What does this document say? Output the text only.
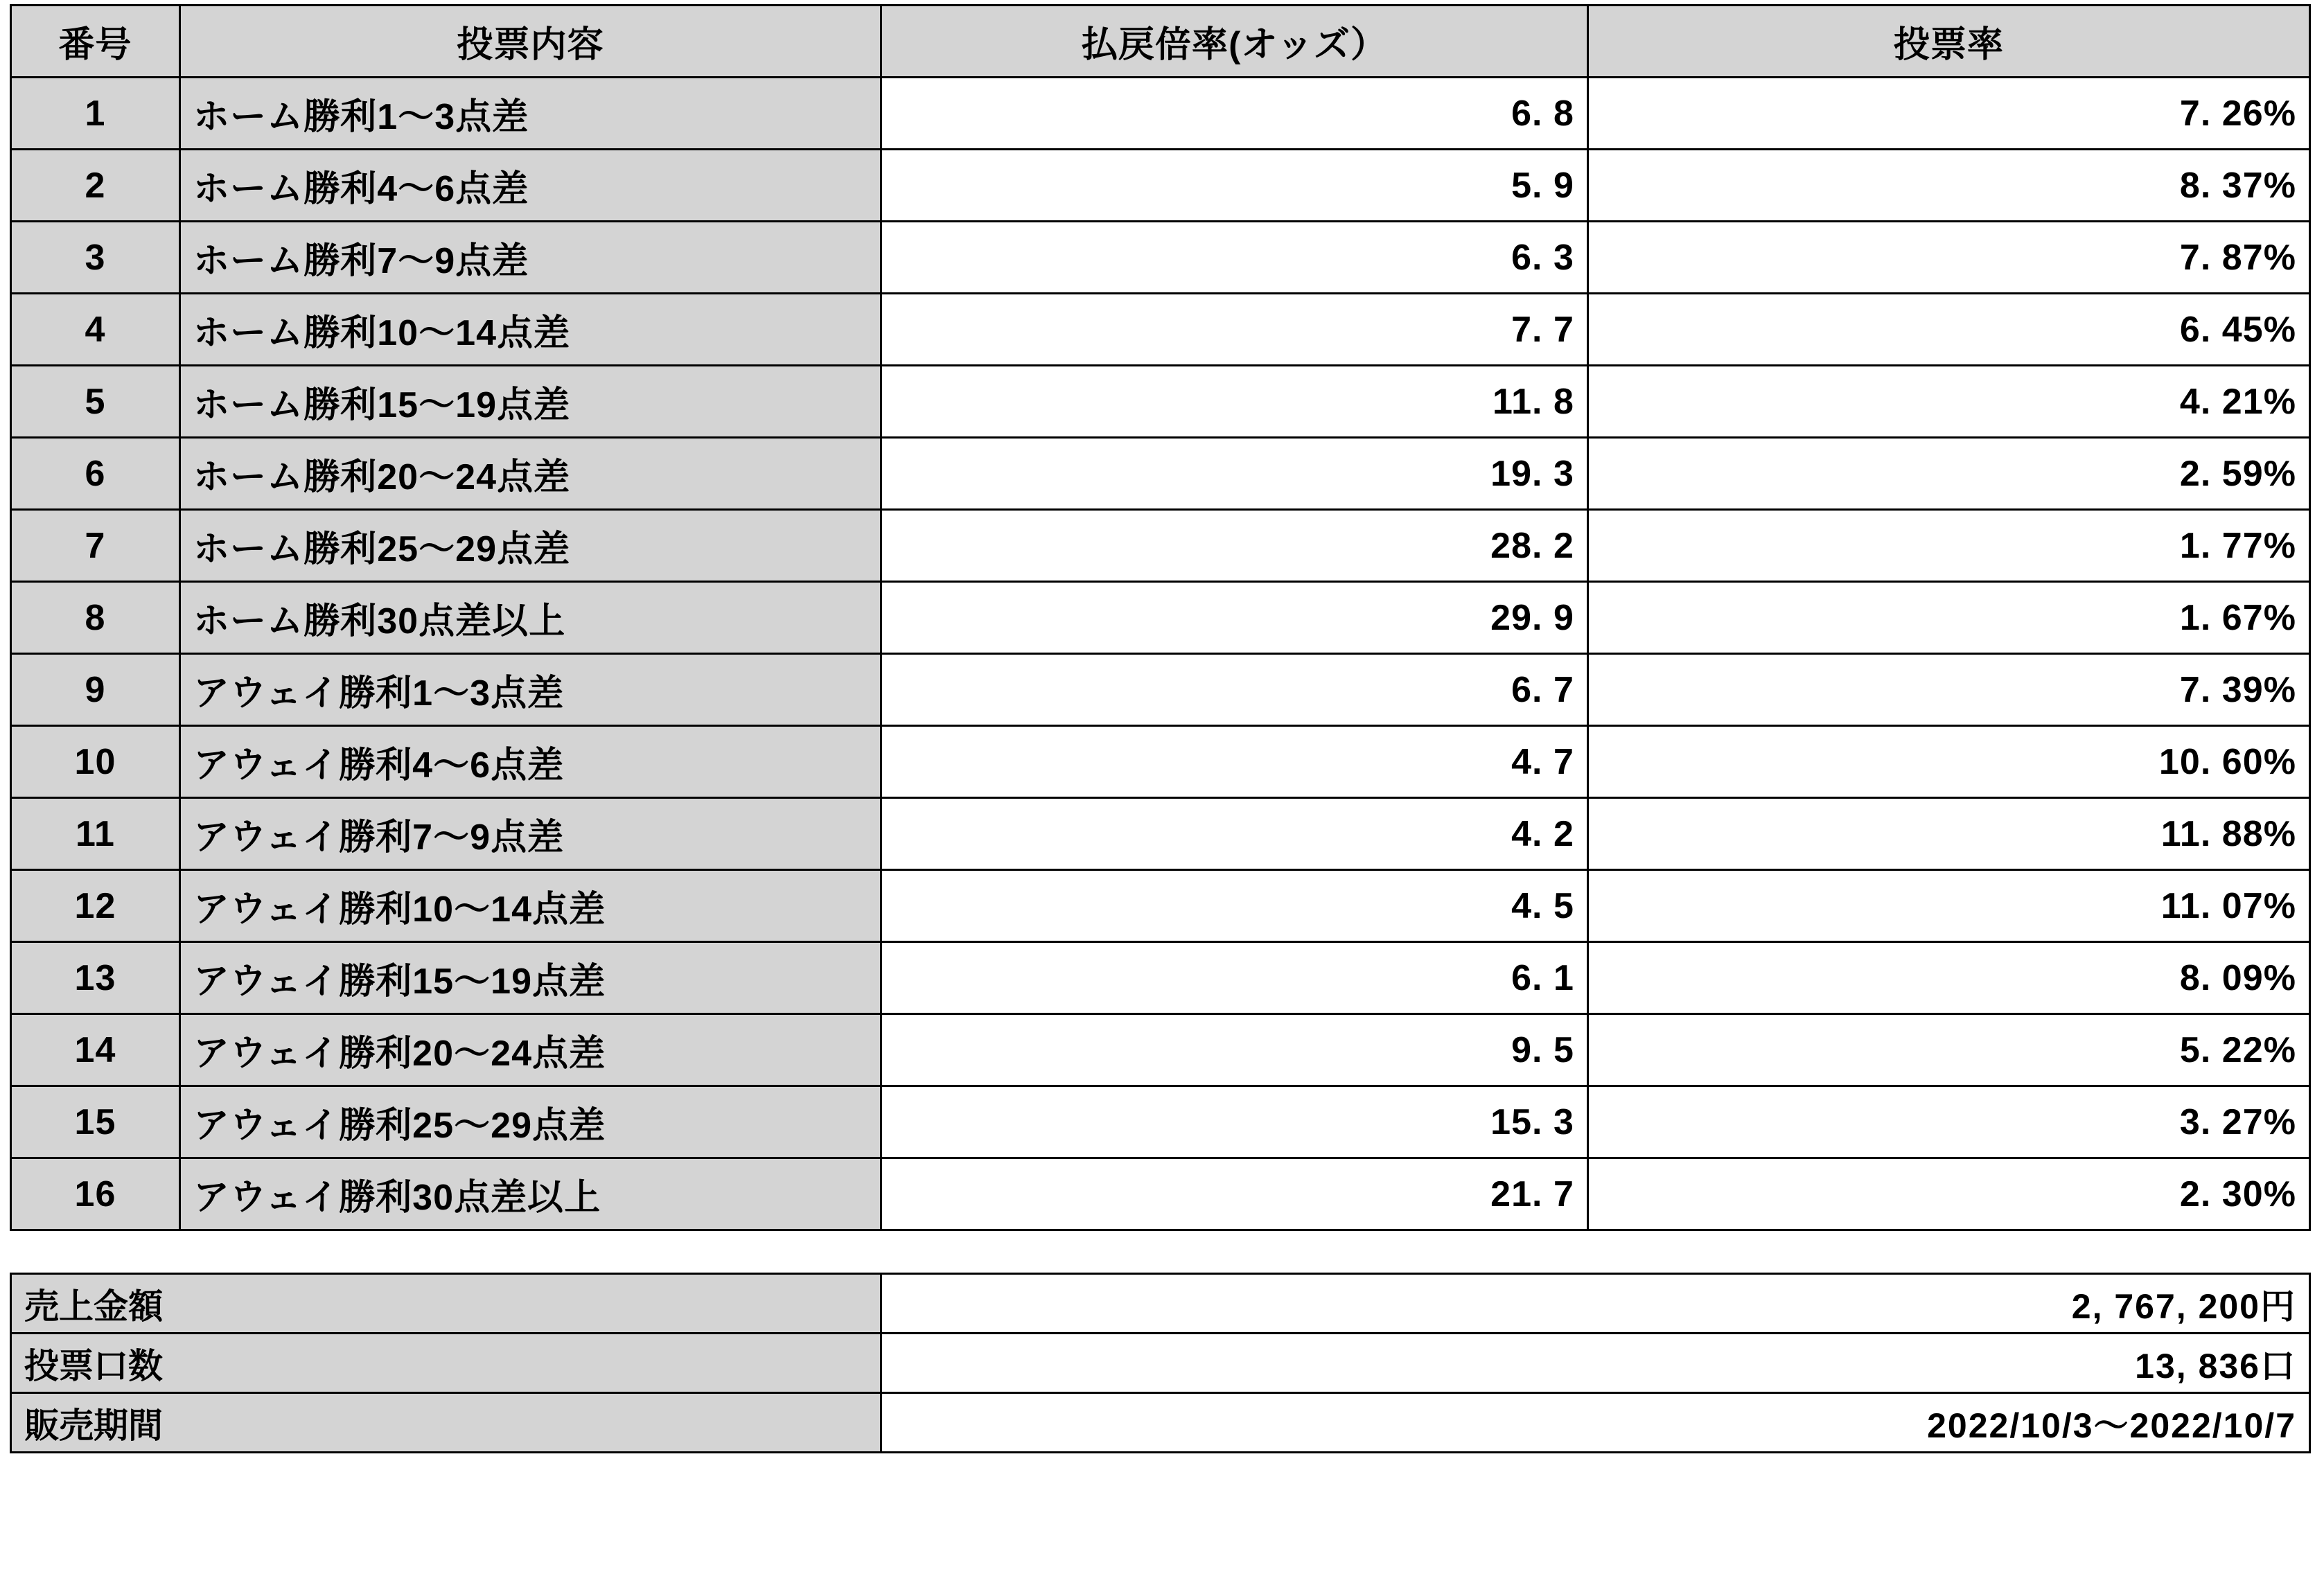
番号	投票内容	払戻倍率(オッズ）	投票率
1	ホーム勝利1〜3点差	6. 8	7. 26%
2	ホーム勝利4〜6点差	5. 9	8. 37%
3	ホーム勝利7〜9点差	6. 3	7. 87%
4	ホーム勝利10〜14点差	7. 7	6. 45%
5	ホーム勝利15〜19点差	11. 8	4. 21%
6	ホーム勝利20〜24点差	19. 3	2. 59%
7	ホーム勝利25〜29点差	28. 2	1. 77%
8	ホーム勝利30点差以上	29. 9	1. 67%
9	アウェイ勝利1〜3点差	6. 7	7. 39%
10	アウェイ勝利4〜6点差	4. 7	10. 60%
11	アウェイ勝利7〜9点差	4. 2	11. 88%
12	アウェイ勝利10〜14点差	4. 5	11. 07%
13	アウェイ勝利15〜19点差	6. 1	8. 09%
14	アウェイ勝利20〜24点差	9. 5	5. 22%
15	アウェイ勝利25〜29点差	15. 3	3. 27%
16	アウェイ勝利30点差以上	21. 7	2. 30%
売上金額	2, 767, 200円
投票口数	13, 836口
販売期間	2022/10/3〜2022/10/7
